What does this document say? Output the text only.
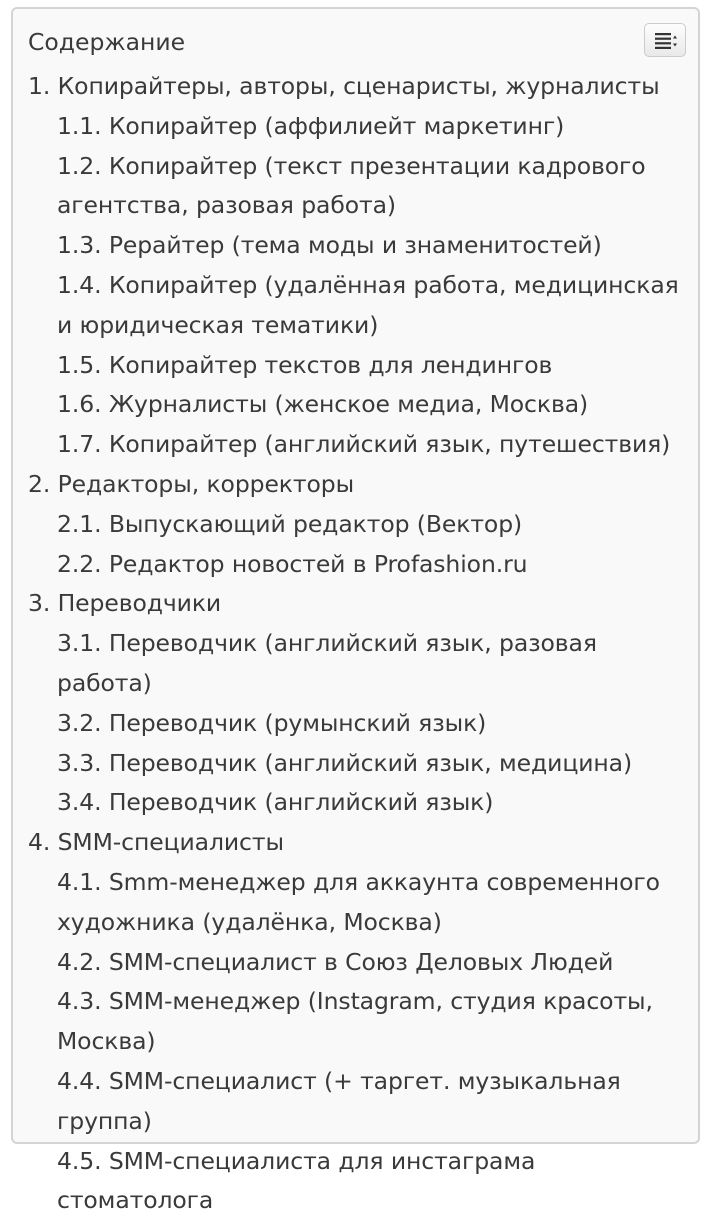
Содержание
1. Копирайтеры, авторы, сценаристы, журналисты
1.1. Копирайтер (аффилиейт маркетинг)
1.2. Копирайтер (текст презентации кадрового агентства, разовая работа)
1.3. Рерайтер (тема моды и знаменитостей)
1.4. Копирайтер (удалённая работа, медицинская и юридическая тематики)
1.5. Копирайтер текстов для лендингов
1.6. Журналисты (женское медиа, Москва)
1.7. Копирайтер (английский язык, путешествия)
2. Редакторы, корректоры
2.1. Выпускающий редактор (Вектор)
2.2. Редактор новостей в Profashion.ru
3. Переводчики
3.1. Переводчик (английский язык, разовая работа)
3.2. Переводчик (румынский язык)
3.3. Переводчик (английский язык, медицина)
3.4. Переводчик (английский язык)
4. SMM-специалисты
4.1. Smm-менеджер для аккаунта современного художника (удалёнка, Москва)
4.2. SMM-специалист в Союз Деловых Людей
4.3. SMM-менеджер (Instagram, студия красоты, Москва)
4.4. SMM-специалист (+ таргет. музыкальная группа)
4.5. SMM-специалиста для инстаграма стоматолога
